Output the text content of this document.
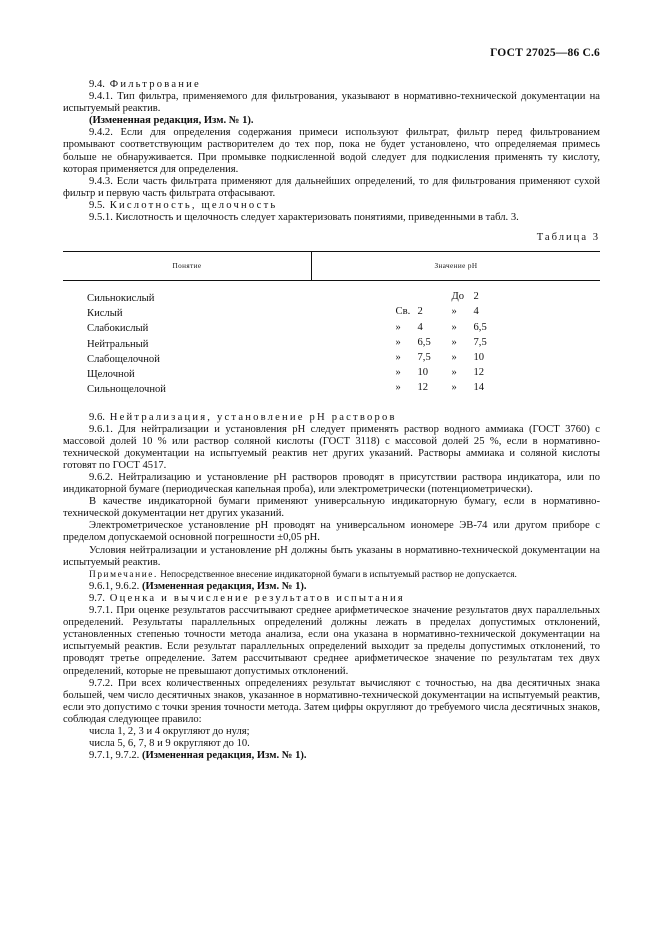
ГОСТ 27025—86 С.6

9.4. Фильтрование

9.4.1. Тип фильтра, применяемого для фильтрования, указывают в нормативно-технической документации на испытуемый реактив.

(Измененная редакция, Изм. № 1).

9.4.2. Если для определения содержания примеси используют фильтрат, фильтр перед фильтрованием промывают соответствующим растворителем до тех пор, пока не будет установлено, что определяемая примесь больше не обнаруживается. При промывке подкисленной водой следует для подкисления применять ту кислоту, которая применяется для определения.

9.4.3. Если часть фильтрата применяют для дальнейших определений, то для фильтрования применяют сухой фильтр и первую часть фильтрата отфасывают.

9.5. Кислотность, щелочность

9.5.1. Кислотность и щелочность следует характеризовать понятиями, приведенными в табл. 3.

Таблица 3
Понятие	Значение pH
Сильнокислый	До 2

Кислый	Св. 2 » 4

Слабокислый	» 4 » 6,5

Нейтральный	» 6,5 » 7,5

Слабощелочной	» 7,5 » 10

Щелочной	» 10 » 12

Сильнощелочной	» 12 » 14

9.6. Нейтрализация, установление pH растворов

9.6.1. Для нейтрализации и установления pH следует применять раствор водного аммиака (ГОСТ 3760) с массовой долей 10 % или раствор соляной кислоты (ГОСТ 3118) с массовой долей 25 %, если в нормативно-технической документации на испытуемый реактив нет других указаний. Растворы аммиака и соляной кислоты готовят по ГОСТ 4517.

9.6.2. Нейтрализацию и установление pH растворов проводят в присутствии раствора индикатора, или по индикаторной бумаге (периодическая капельная проба), или электрометрически (потенциометрически).

В качестве индикаторной бумаги применяют универсальную индикаторную бумагу, если в нормативно-технической документации нет других указаний.

Электрометрическое установление pH проводят на универсальном иономере ЭВ-74 или другом приборе с пределом допускаемой основной погрешности ±0,05 pH.

Условия нейтрализации и установление pH должны быть указаны в нормативно-технической документации на испытуемый реактив.

Примечание. Непосредственное внесение индикаторной бумаги в испытуемый раствор не допускается.

9.6.1, 9.6.2. (Измененная редакция, Изм. № 1).

9.7. Оценка и вычисление результатов испытания

9.7.1. При оценке результатов рассчитывают среднее арифметическое значение результатов двух параллельных определений. Результаты параллельных определений должны лежать в пределах допустимых отклонений, установленных степенью точности метода анализа, если она указана в нормативно-технической документации на испытуемый реактив. Если результат параллельных определений выходит за пределы допустимых отклонений, то проводят третье определение. Затем рассчитывают среднее арифметическое значение по результатам тех двух определений, которые не превышают допустимых отклонений.

9.7.2. При всех количественных определениях результат вычисляют с точностью, на два десятичных знака большей, чем число десятичных знаков, указанное в нормативно-технической документации на испытуемый реактив, если это допустимо с точки зрения точности метода. Затем цифры округляют до требуемого числа десятичных знаков, соблюдая следующее правило:

числа 1, 2, 3 и 4 округляют до нуля;

числа 5, 6, 7, 8 и 9 округляют до 10.

9.7.1, 9.7.2. (Измененная редакция, Изм. № 1).
